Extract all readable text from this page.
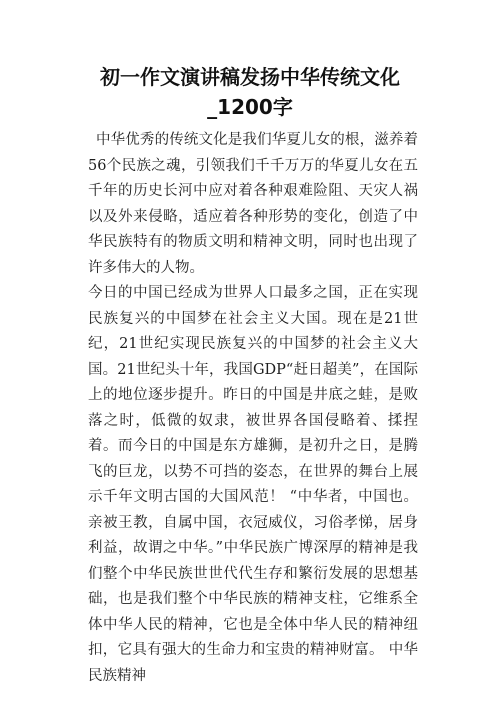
初一作文演讲稿发扬中华传统文化_1200字

中华优秀的传统文化是我们华夏儿女的根，滋养着56个民族之魂，引领我们千千万万的华夏儿女在五千年的历史长河中应对着各种艰难险阻、天灾人祸以及外来侵略，适应着各种形势的变化，创造了中华民族特有的物质文明和精神文明，同时也出现了许多伟大的人物。

今日的中国已经成为世界人口最多之国，正在实现民族复兴的中国梦在社会主义大国。现在是21世纪，21世纪实现民族复兴的中国梦的社会主义大国。21世纪头十年，我国GDP“赶日超美”，在国际上的地位逐步提升。昨日的中国是井底之蛙，是败落之时，低微的奴隶，被世界各国侵略着、揉捏着。而今日的中国是东方雄狮，是初升之日，是腾飞的巨龙，以势不可挡的姿态，在世界的舞台上展示千年文明古国的大国风范！ “中华者，中国也。亲被王教，自属中国，衣冠威仪，习俗孝悌，居身利益，故谓之中华。”中华民族广博深厚的精神是我们整个中华民族世世代代生存和繁衍发展的思想基础，也是我们整个中华民族的精神支柱，它维系全体中华人民的精神，它也是全体中华人民的精神纽扣，它具有强大的生命力和宝贵的精神财富。 中华民族精神
